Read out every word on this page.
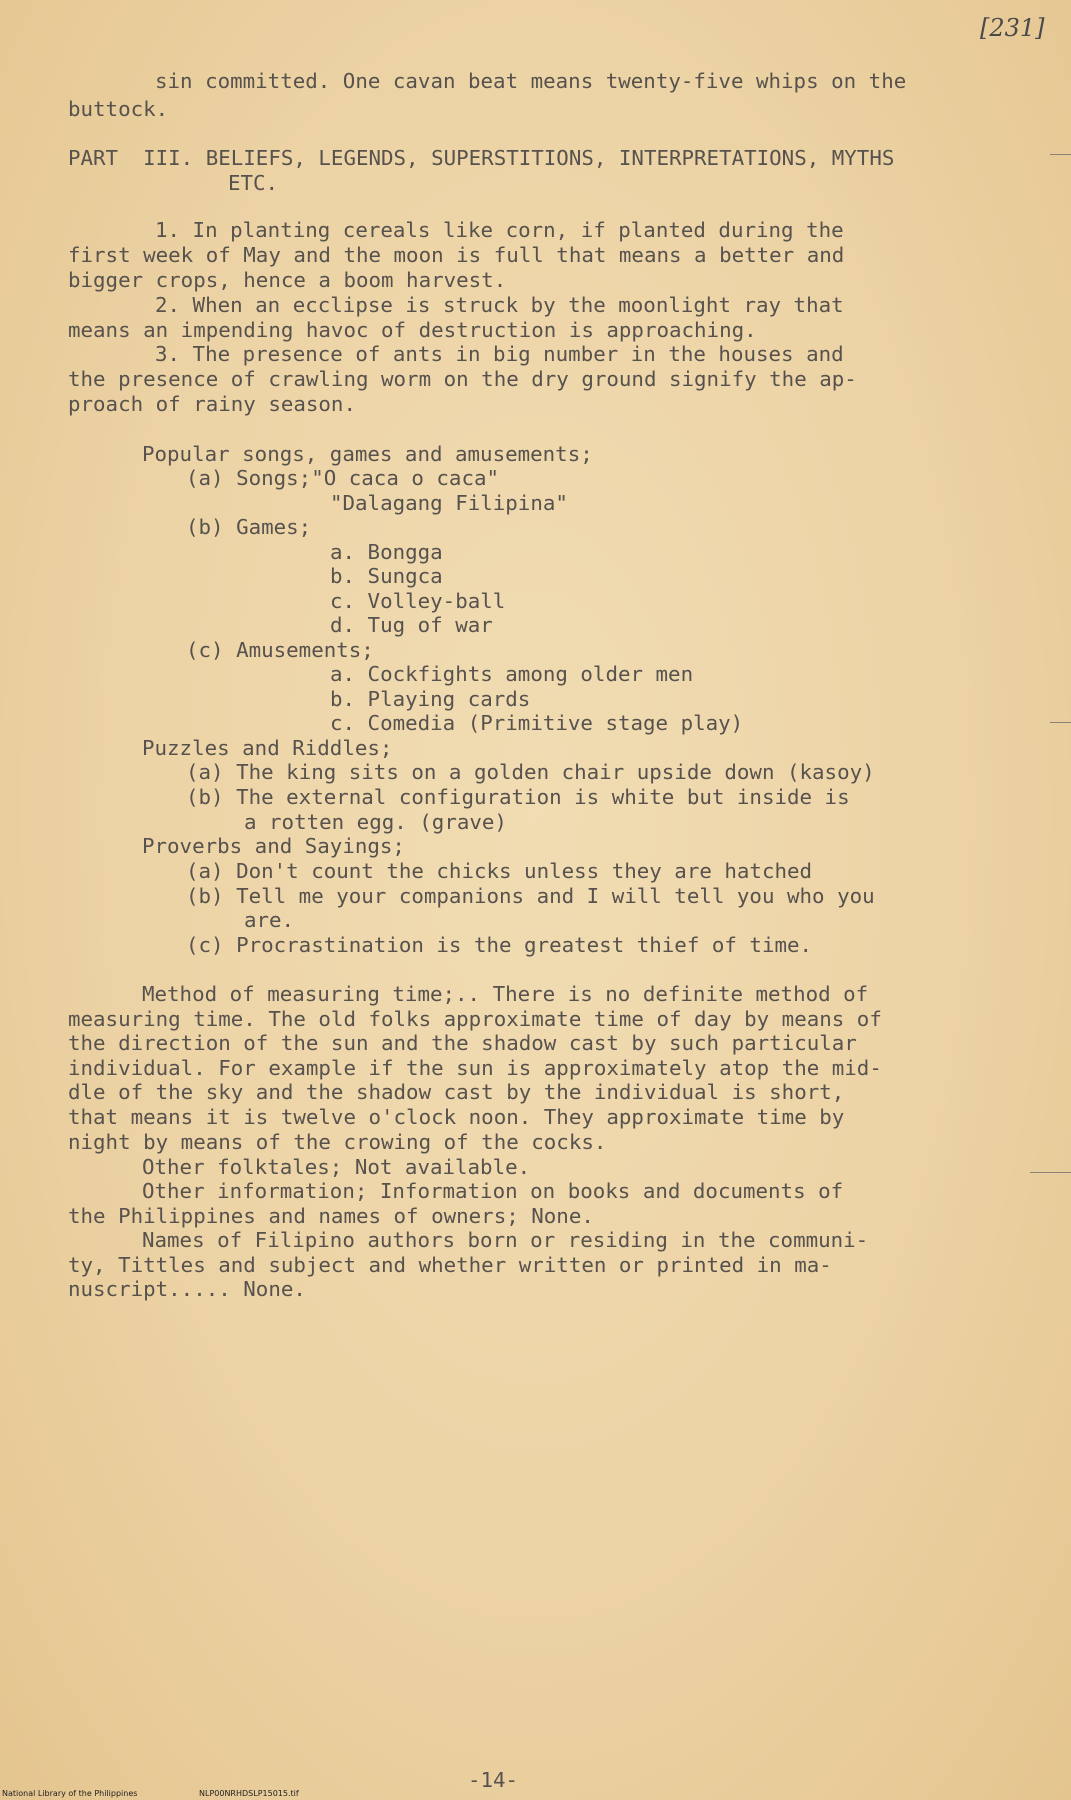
[231]
sin committed. One cavan beat means twenty-five whips on the
buttock.
PART  III. BELIEFS, LEGENDS, SUPERSTITIONS, INTERPRETATIONS, MYTHS
ETC.
1. In planting cereals like corn, if planted during the
first week of May and the moon is full that means a better and
bigger crops, hence a boom harvest.
2. When an ecclipse is struck by the moonlight ray that
means an impending havoc of destruction is approaching.
3. The presence of ants in big number in the houses and
the presence of crawling worm on the dry ground signify the ap-
proach of rainy season.
Popular songs, games and amusements;
(a) Songs;"O caca o caca"
"Dalagang Filipina"
(b) Games;
a. Bongga
b. Sungca
c. Volley-ball
d. Tug of war
(c) Amusements;
a. Cockfights among older men
b. Playing cards
c. Comedia (Primitive stage play)
Puzzles and Riddles;
(a) The king sits on a golden chair upside down (kasoy)
(b) The external configuration is white but inside is
a rotten egg. (grave)
Proverbs and Sayings;
(a) Don't count the chicks unless they are hatched
(b) Tell me your companions and I will tell you who you
are.
(c) Procrastination is the greatest thief of time.
Method of measuring time;.. There is no definite method of
measuring time. The old folks approximate time of day by means of
the direction of the sun and the shadow cast by such particular
individual. For example if the sun is approximately atop the mid-
dle of the sky and the shadow cast by the individual is short,
that means it is twelve o'clock noon. They approximate time by
night by means of the crowing of the cocks.
Other folktales; Not available.
Other information; Information on books and documents of
the Philippines and names of owners; None.
Names of Filipino authors born or residing in the communi-
ty, Tittles and subject and whether written or printed in ma-
nuscript..... None.
-14-
National Library of the Philippines	NLP00NRHDSLP15015.tif
